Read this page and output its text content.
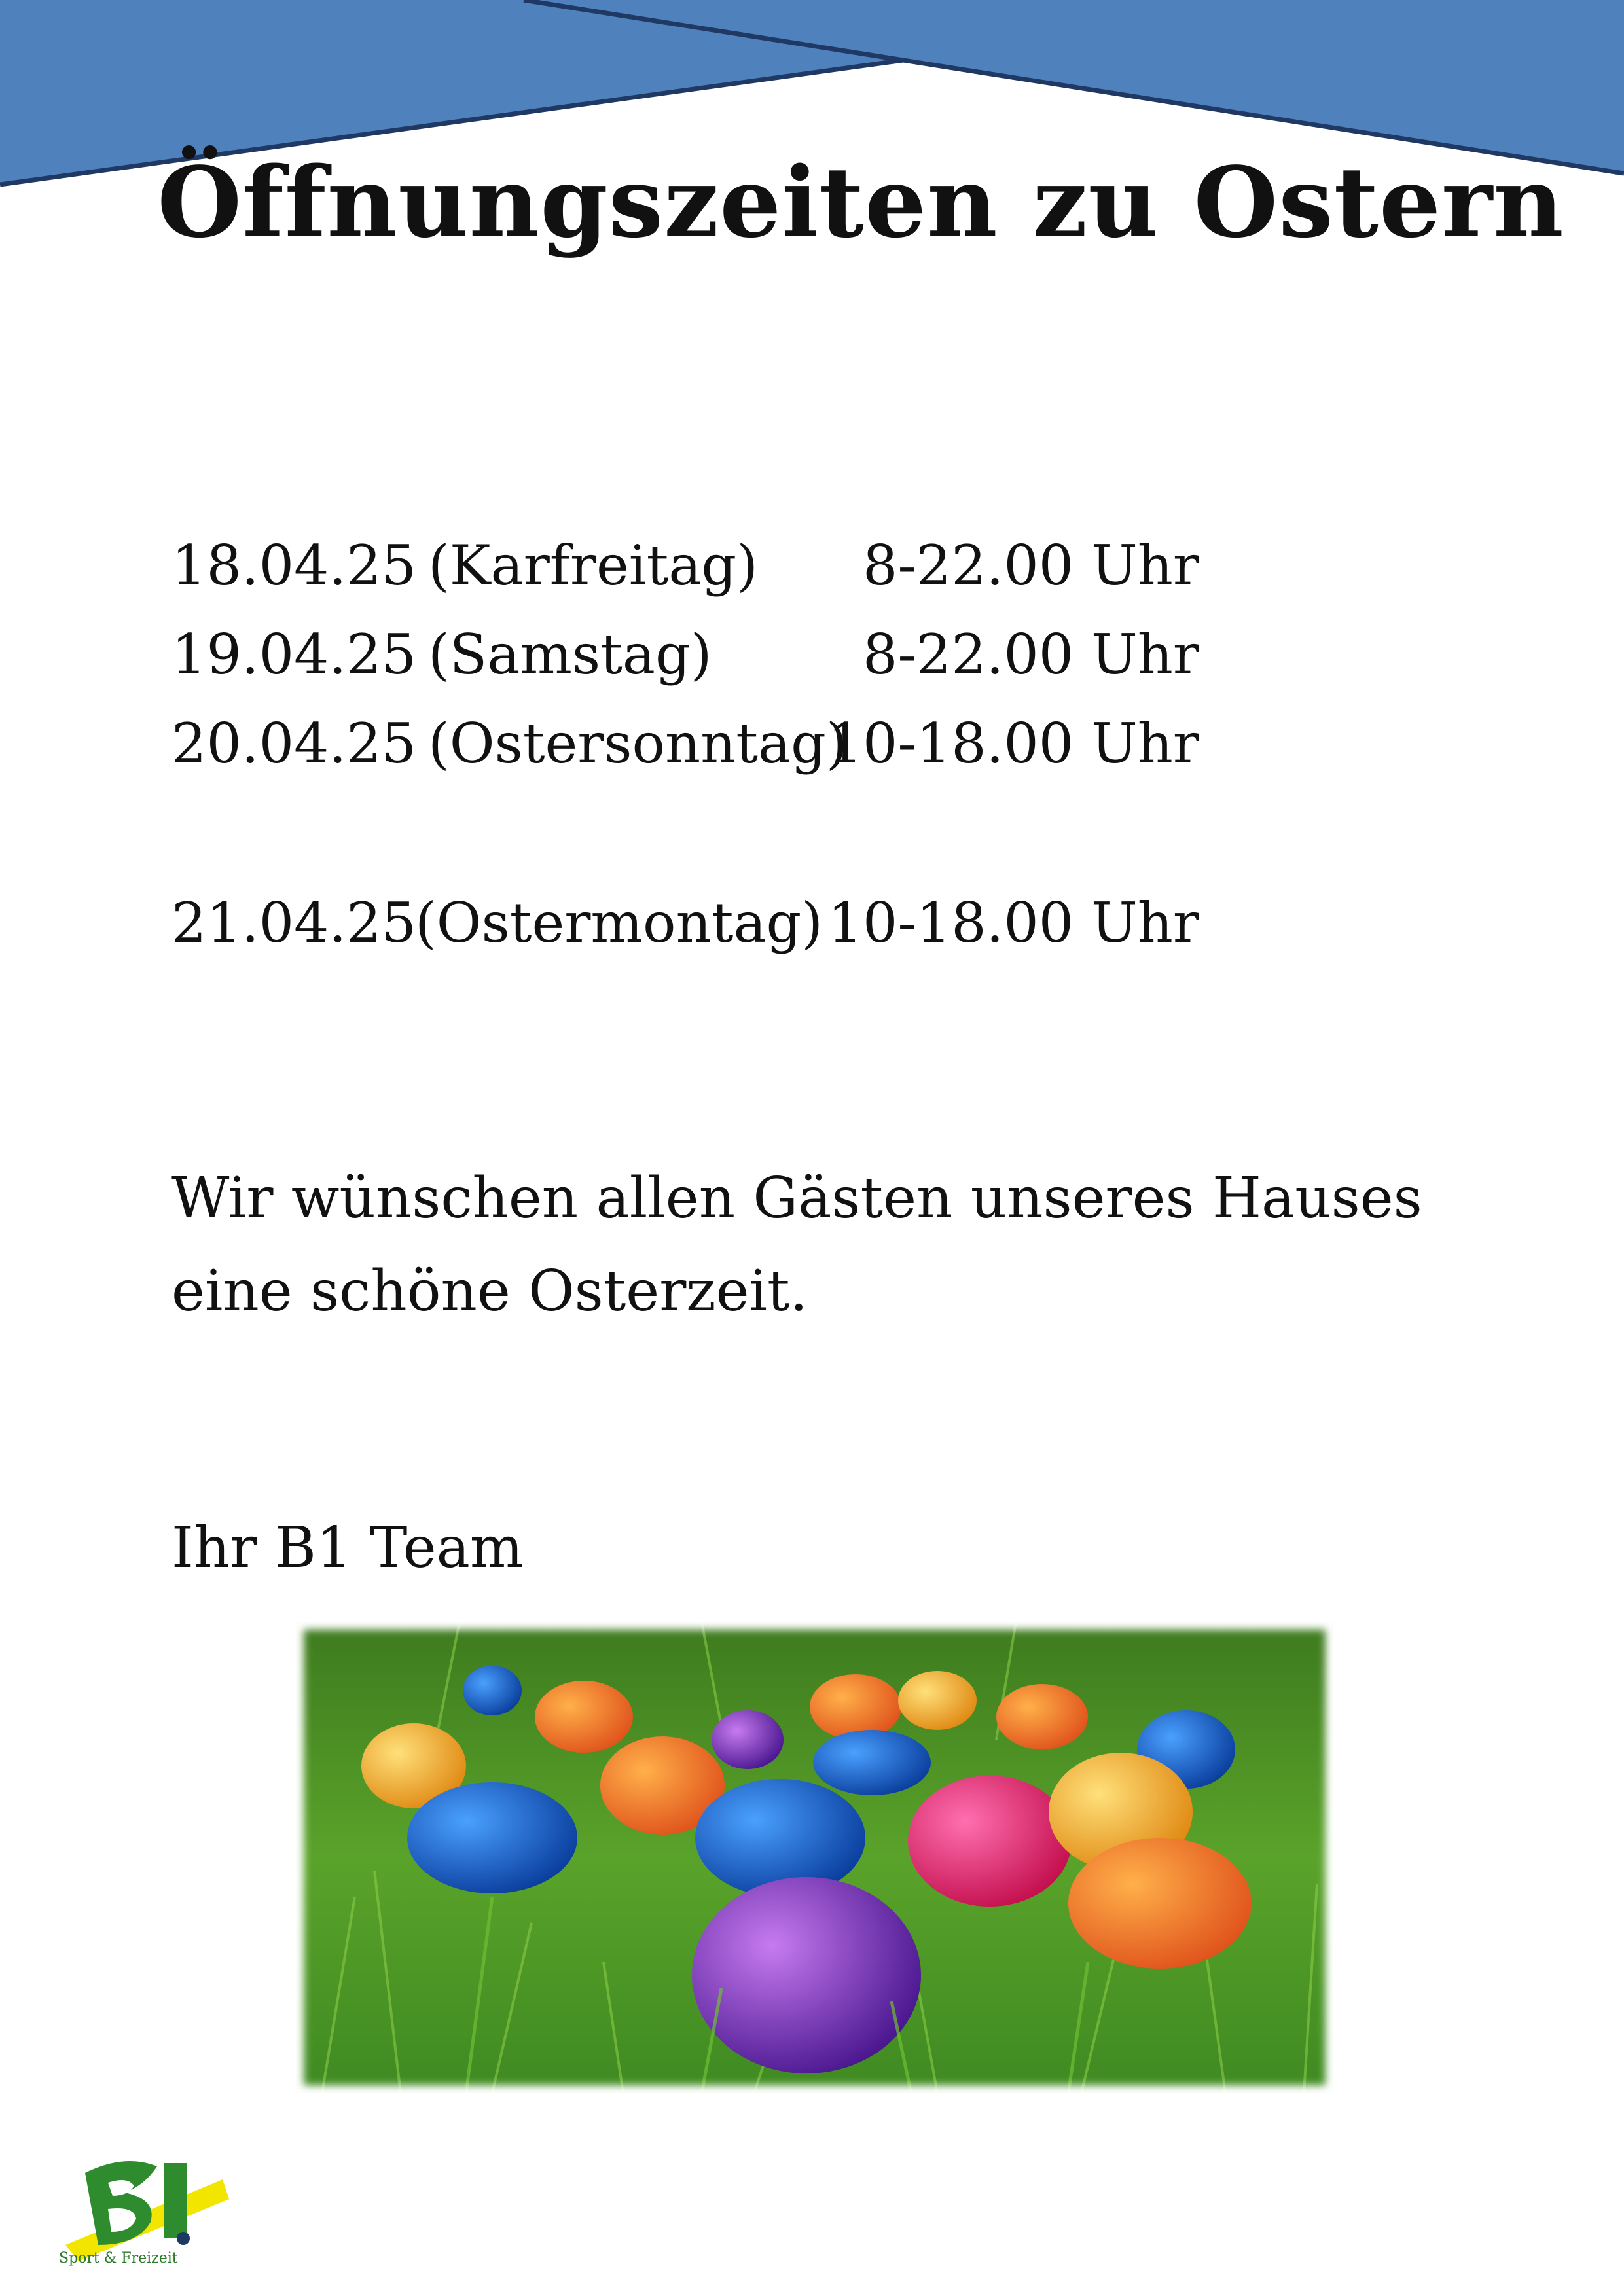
Öffnungszeiten zu Ostern
18.04.25 (Karfreitag) 8-22.00 Uhr
19.04.25 (Samstag)	8-22.00 Uhr
20.04.25 (Ostersonntag)
10-18.00 Uhr
21.04.25
(Ostermontag) 10-18.00 Uhr
Wir wünschen allen Gästen unseres Hauses
eine schöne Osterzeit.
Ihr B1 Team
Sport & Freizeit
